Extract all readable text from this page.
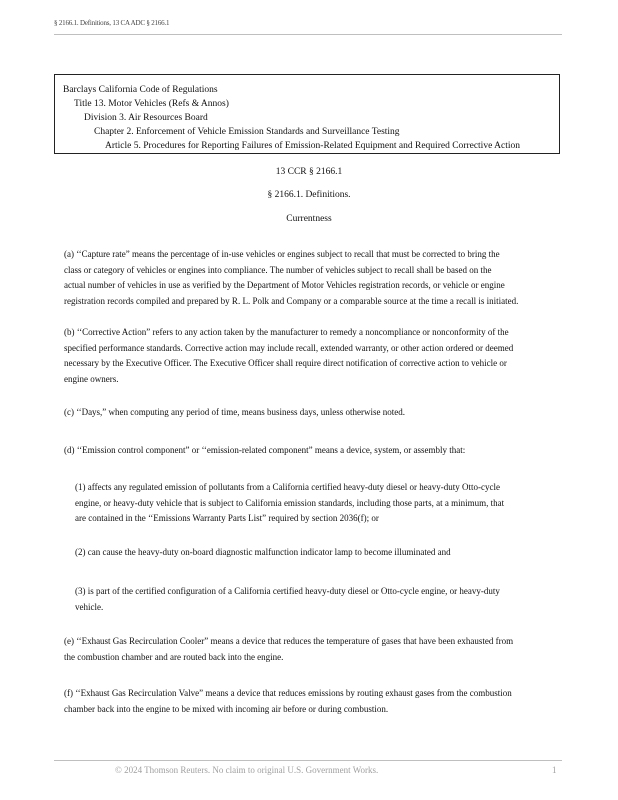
§ 2166.1. Definitions, 13 CA ADC § 2166.1
Barclays California Code of Regulations
Title 13. Motor Vehicles (Refs & Annos)
Division 3. Air Resources Board
Chapter 2. Enforcement of Vehicle Emission Standards and Surveillance Testing
Article 5. Procedures for Reporting Failures of Emission-Related Equipment and Required Corrective Action
13 CCR § 2166.1
§ 2166.1. Definitions.
Currentness
(a) ‘‘Capture rate” means the percentage of in-use vehicles or engines subject to recall that must be corrected to bring the
class or category of vehicles or engines into compliance. The number of vehicles subject to recall shall be based on the
actual number of vehicles in use as verified by the Department of Motor Vehicles registration records, or vehicle or engine
registration records compiled and prepared by R. L. Polk and Company or a comparable source at the time a recall is initiated.
(b) ‘‘Corrective Action” refers to any action taken by the manufacturer to remedy a noncompliance or nonconformity of the
specified performance standards. Corrective action may include recall, extended warranty, or other action ordered or deemed
necessary by the Executive Officer. The Executive Officer shall require direct notification of corrective action to vehicle or
engine owners.
(c) ‘‘Days,” when computing any period of time, means business days, unless otherwise noted.
(d) ‘‘Emission control component” or ‘‘emission-related component” means a device, system, or assembly that:
(1) affects any regulated emission of pollutants from a California certified heavy-duty diesel or heavy-duty Otto-cycle
engine, or heavy-duty vehicle that is subject to California emission standards, including those parts, at a minimum, that
are contained in the ‘‘Emissions Warranty Parts List” required by section 2036(f); or
(2) can cause the heavy-duty on-board diagnostic malfunction indicator lamp to become illuminated and
(3) is part of the certified configuration of a California certified heavy-duty diesel or Otto-cycle engine, or heavy-duty
vehicle.
(e) ‘‘Exhaust Gas Recirculation Cooler” means a device that reduces the temperature of gases that have been exhausted from
the combustion chamber and are routed back into the engine.
(f) ‘‘Exhaust Gas Recirculation Valve” means a device that reduces emissions by routing exhaust gases from the combustion
chamber back into the engine to be mixed with incoming air before or during combustion.
© 2024 Thomson Reuters. No claim to original U.S. Government Works.	1
